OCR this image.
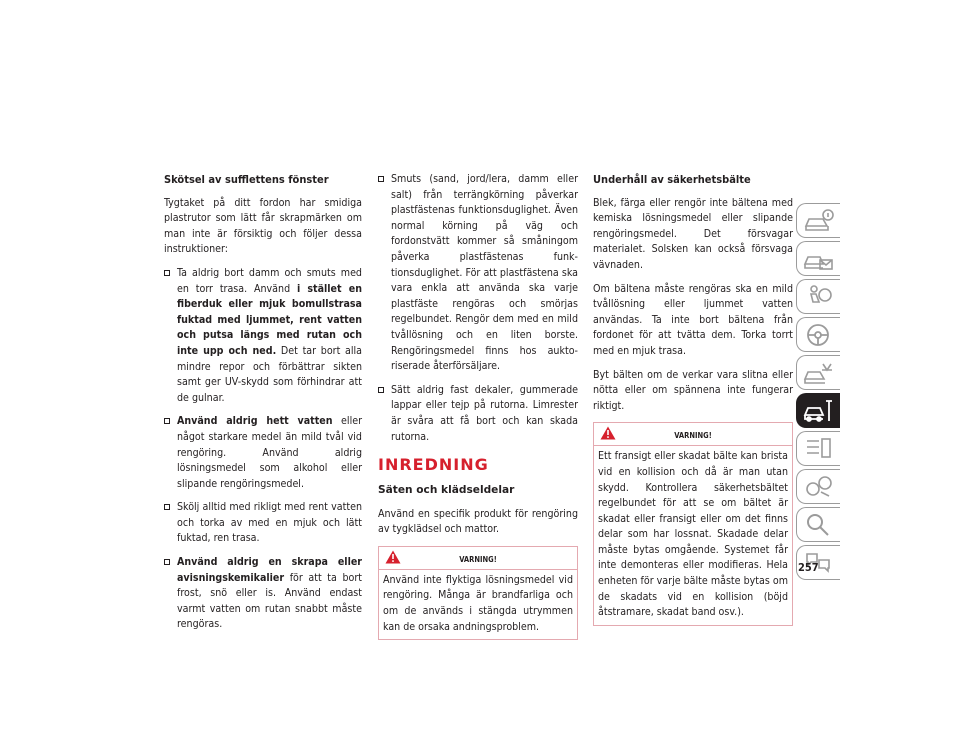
Skötsel av sufflettens fönster

Tygtaket på ditt fordon har smidiga plastrutor som lätt får skrapmärken om man inte är försiktig och följer dessa instruktioner:

Ta aldrig bort damm och smuts med en torr trasa. Använd i stället en fiberduk eller mjuk bomullstrasa fuktad med ljummet, rent vatten och putsa längs med rutan och inte upp och ned. Det tar bort alla mindre repor och förbättrar sikten samt ger UV-skydd som förhindrar att de gulnar.
Använd aldrig hett vatten eller något starkare medel än mild tvål vid rengöring. Använd aldrig lösningsmedel som alkohol eller slipande rengöringsmedel.
Skölj alltid med rikligt med rent vatten och torka av med en mjuk och lätt fuktad, ren trasa.
Använd aldrig en skrapa eller avisningskemikalier för att ta bort frost, snö eller is. Använd endast varmt vatten om rutan snabbt måste rengöras.
Smuts (sand, jord/lera, damm eller salt) från terrängkörning påverkar plastfästenas funktionsduglighet. Även normal körning på väg och fordonstvätt kommer så småningom påverka plastfästenas funktionsduglighet. För att plastfästena ska vara enkla att använda ska varje plastfäste rengöras och smörjas regelbundet. Rengör dem med en mild tvållösning och en liten borste. Rengöringsmedel finns hos auktoriserade återförsäljare.
Sätt aldrig fast dekaler, gummerade lappar eller tejp på rutorna. Limrester är svåra att få bort och kan skada rutorna.
INREDNING
Säten och klädseldelar

Använd en specifik produkt för rengöring av tygklädsel och mattor.

VARNING!
Använd inte flyktiga lösningsmedel vid rengöring. Många är brandfarliga och om de används i stängda utrymmen kan de orsaka andningsproblem.
Underhåll av säkerhetsbälte

Blek, färga eller rengör inte bältena med kemiska lösningsmedel eller slipande rengöringsmedel. Det försvagar materialet. Solsken kan också försvaga vävnaden.

Om bältena måste rengöras ska en mild tvållösning eller ljummet vatten användas. Ta inte bort bältena från fordonet för att tvätta dem. Torka torrt med en mjuk trasa.

Byt bälten om de verkar vara slitna eller nötta eller om spännena inte fungerar riktigt.

VARNING!
Ett fransigt eller skadat bälte kan brista vid en kollision och då är man utan skydd. Kontrollera säkerhetsbältet regelbundet för att se om bältet är skadat eller fransigt eller om det finns delar som har lossnat. Skadade delar måste bytas omgående. Systemet får inte demonteras eller modifieras. Hela enheten för varje bälte måste bytas om de skadats vid en kollision (böjd åtstramare, skadat band osv.).
257
